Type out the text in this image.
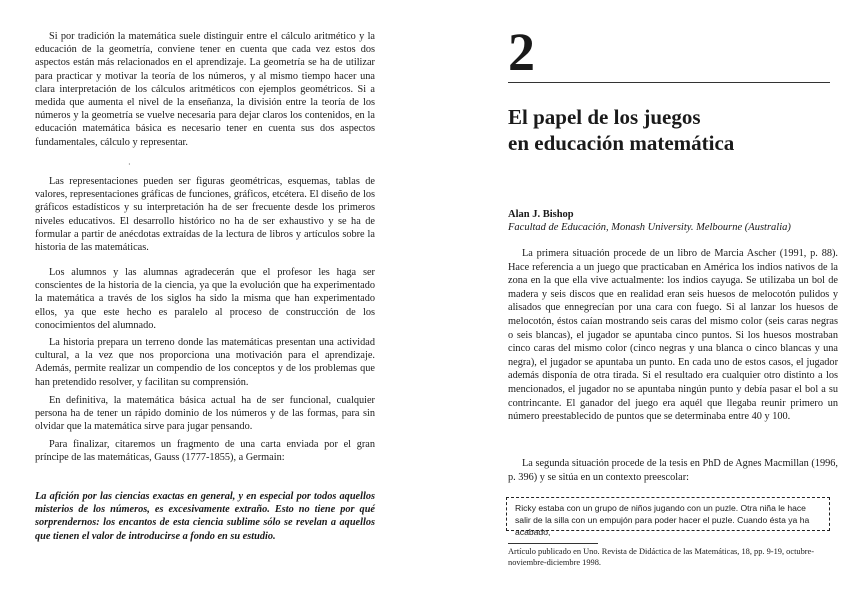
Si por tradición la matemática suele distinguir entre el cálculo aritmético y la educación de la geometría, conviene tener en cuenta que cada vez estos dos aspectos están más relacionados en el aprendizaje. La geometría se ha de utilizar para practicar y motivar la teoría de los números, y al mismo tiempo hacer una clara interpretación de los cálculos aritméticos con ejemplos geométricos. Si a medida que aumenta el nivel de la enseñanza, la división entre la teoría de los números y la geometría se vuelve necesaria para dejar claros los contenidos, en la educación matemática básica es necesario tener en cuenta sus dos aspectos fundamentales, cálculo y representar.

Las representaciones pueden ser figuras geométricas, esquemas, tablas de valores, representaciones gráficas de funciones, gráficos, etcétera. El diseño de los gráficos estadísticos y su interpretación ha de ser frecuente desde los primeros niveles educativos. El desarrollo histórico no ha de ser exhaustivo y se ha de formular a partir de anécdotas extraídas de la lectura de libros y artículos sobre la historia de las matemáticas.

Los alumnos y las alumnas agradecerán que el profesor les haga ser conscientes de la historia de la ciencia, ya que la evolución que ha experimentado la matemática a través de los siglos ha sido la misma que han experimentado ellos, ya que este hecho es paralelo al proceso de construcción de los conocimientos del alumnado.

La historia prepara un terreno donde las matemáticas presentan una actividad cultural, a la vez que nos proporciona una motivación para el aprendizaje. Además, permite realizar un compendio de los conceptos y de los problemas que han pretendido resolver, y facilitan su comprensión.

En definitiva, la matemática básica actual ha de ser funcional, cualquier persona ha de tener un rápido dominio de los números y de las formas, para sin olvidar que la matemática sirve para jugar pensando.

Para finalizar, citaremos un fragmento de una carta enviada por el gran príncipe de las matemáticas, Gauss (1777-1855), a Germain:

La afición por las ciencias exactas en general, y en especial por todos aquellos misterios de los números, es excesivamente extraño. Esto no tiene por qué sorprendernos: los encantos de esta ciencia sublime sólo se revelan a aquellos que tienen el valor de introducirse a fondo en su estudio.

·
2
El papel de los juegos
en educación matemática
Alan J. Bishop
Facultad de Educación, Monash University. Melbourne (Australia)

La primera situación procede de un libro de Marcia Ascher (1991, p. 88). Hace referencia a un juego que practicaban en América los indios nativos de la zona en la que ella vive actualmente: los indios cayuga. Se utilizaba un bol de madera y seis discos que en realidad eran seis huesos de melocotón pulidos y alisados que ennegrecían por una cara con fuego. Si al lanzar los huesos de melocotón, éstos caían mostrando seis caras del mismo color (seis caras negras o seis blancas), el jugador se apuntaba cinco puntos. Si los huesos mostraban cinco caras del mismo color (cinco negras y una blanca o cinco blancas y una negra), el jugador se apuntaba un punto. En cada uno de estos casos, el jugador además disponía de otra tirada. Si el resultado era cualquier otro distinto a los mencionados, el jugador no se apuntaba ningún punto y debía pasar el bol a su contrincante. El ganador del juego era aquél que llegaba reunir primero un número preestablecido de puntos que se determinaba entre 40 y 100.

La segunda situación procede de la tesis en PhD de Agnes Macmillan (1996, p. 396) y se sitúa en un contexto preescolar:

Ricky estaba con un grupo de niños jugando con un puzle. Otra niña le hace salir de la silla con un empujón para poder hacer el puzle. Cuando ésta ya ha acabado,
Artículo publicado en Uno. Revista de Didáctica de las Matemáticas, 18, pp. 9-19, octubre-noviembre-diciembre 1998.
